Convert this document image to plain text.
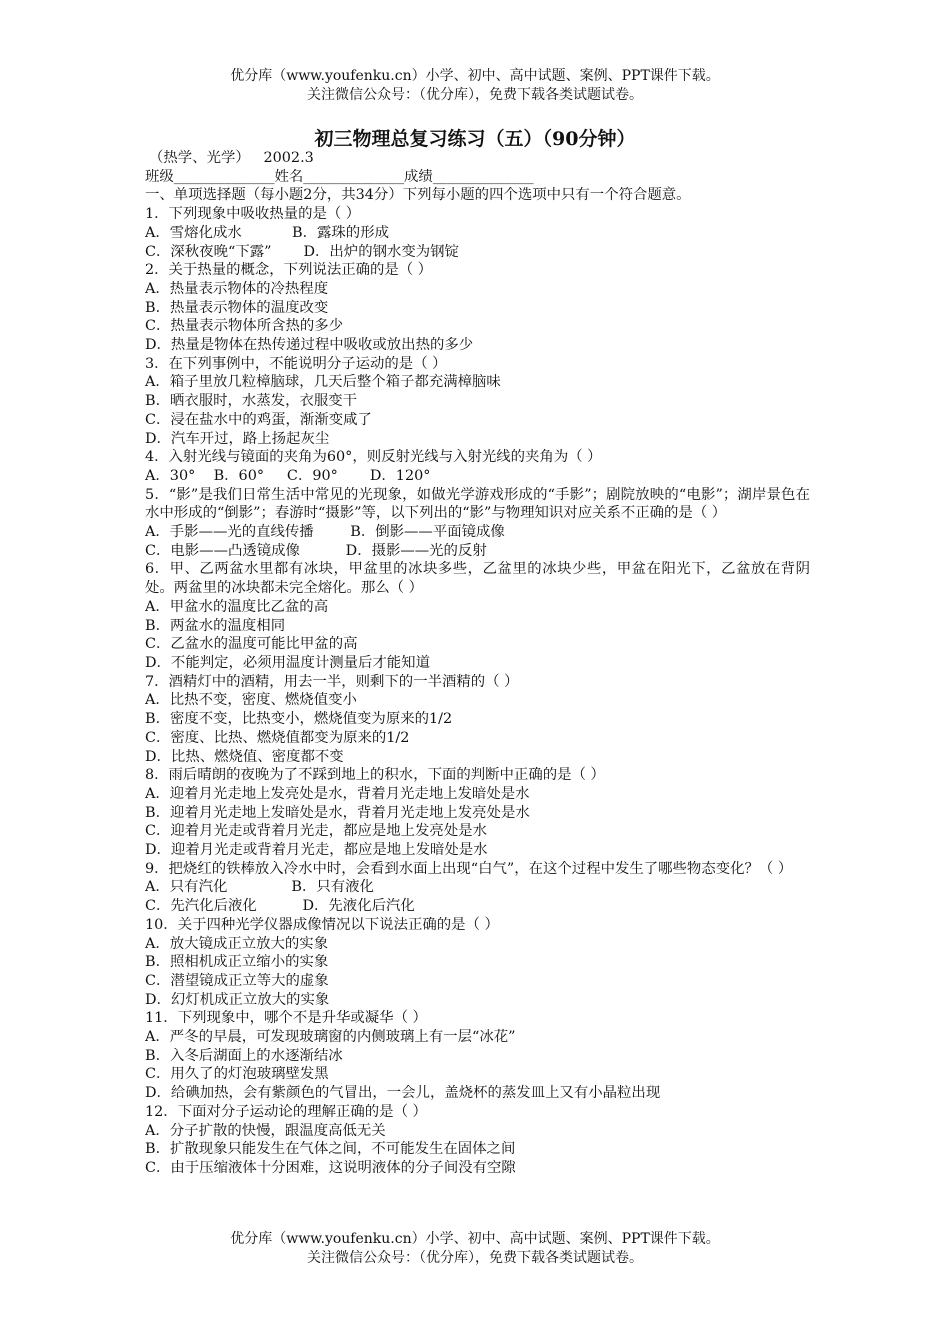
优分库（www.youfenku.cn）小学、初中、高中试题、案例、PPT课件下载。
关注微信公众号：（优分库），免费下载各类试题试卷。
初三物理总复习练习（五）（90分钟）
（热学、光学）   2002.3
班级______________姓名______________成绩______________
一、单项选择题（每小题2分，共34分）下列每小题的四个选项中只有一个符合题意。
1．下列现象中吸收热量的是（ ）
A．雪熔化成水           B．露珠的形成
C．深秋夜晚“下露”       D．出炉的钢水变为钢锭
2．关于热量的概念，下列说法正确的是（ ）
A．热量表示物体的冷热程度
B．热量表示物体的温度改变
C．热量表示物体所含热的多少
D．热量是物体在热传递过程中吸收或放出热的多少
3．在下列事例中，不能说明分子运动的是（ ）
A．箱子里放几粒樟脑球，几天后整个箱子都充满樟脑味
B．晒衣服时，水蒸发，衣服变干
C．浸在盐水中的鸡蛋，渐渐变咸了
D．汽车开过，路上扬起灰尘
4．入射光线与镜面的夹角为60°，则反射光线与入射光线的夹角为（ ）
A．30°    B．60°     C．90°       D．120°
5．“影”是我们日常生活中常见的光现象，如做光学游戏形成的“手影”；剧院放映的“电影”；湖岸景色在水中形成的“倒影”；春游时“摄影”等，以下列出的“影”与物理知识对应关系不正确的是（ ）
A．手影——光的直线传播        B．倒影——平面镜成像
C．电影——凸透镜成像          D．摄影——光的反射
6．甲、乙两盆水里都有冰块，甲盆里的冰块多些，乙盆里的冰块少些，甲盆在阳光下，乙盆放在背阴处。两盆里的冰块都未完全熔化。那么（ ）
A．甲盆水的温度比乙盆的高
B．两盆水的温度相同
C．乙盆水的温度可能比甲盆的高
D．不能判定，必须用温度计测量后才能知道
7．酒精灯中的酒精，用去一半，则剩下的一半酒精的（ ）
A．比热不变，密度、燃烧值变小
B．密度不变，比热变小，燃烧值变为原来的1/2
C．密度、比热、燃烧值都变为原来的1/2
D．比热、燃烧值、密度都不变
8．雨后晴朗的夜晚为了不踩到地上的积水，下面的判断中正确的是（ ）
A．迎着月光走地上发亮处是水，背着月光走地上发暗处是水
B．迎着月光走地上发暗处是水，背着月光走地上发亮处是水
C．迎着月光走或背着月光走，都应是地上发亮处是水
D．迎着月光走或背着月光走，都应是地上发暗处是水
9．把烧红的铁棒放入冷水中时，会看到水面上出现“白气”，在这个过程中发生了哪些物态变化？（ ）
A．只有汽化              B．只有液化
C．先汽化后液化          D．先液化后汽化
10．关于四种光学仪器成像情况以下说法正确的是（ ）
A．放大镜成正立放大的实象
B．照相机成正立缩小的实象
C．潜望镜成正立等大的虚象
D．幻灯机成正立放大的实象
11．下列现象中，哪个不是升华或凝华（ ）
A．严冬的早晨，可发现玻璃窗的内侧玻璃上有一层“冰花”
B．入冬后湖面上的水逐渐结冰
C．用久了的灯泡玻璃壁发黑
D．给碘加热，会有紫颜色的气冒出，一会儿，盖烧杯的蒸发皿上又有小晶粒出现
12．下面对分子运动论的理解正确的是（ ）
A．分子扩散的快慢，跟温度高低无关
B．扩散现象只能发生在气体之间，不可能发生在固体之间
C．由于压缩液体十分困难，这说明液体的分子间没有空隙
优分库（www.youfenku.cn）小学、初中、高中试题、案例、PPT课件下载。
关注微信公众号：（优分库），免费下载各类试题试卷。
